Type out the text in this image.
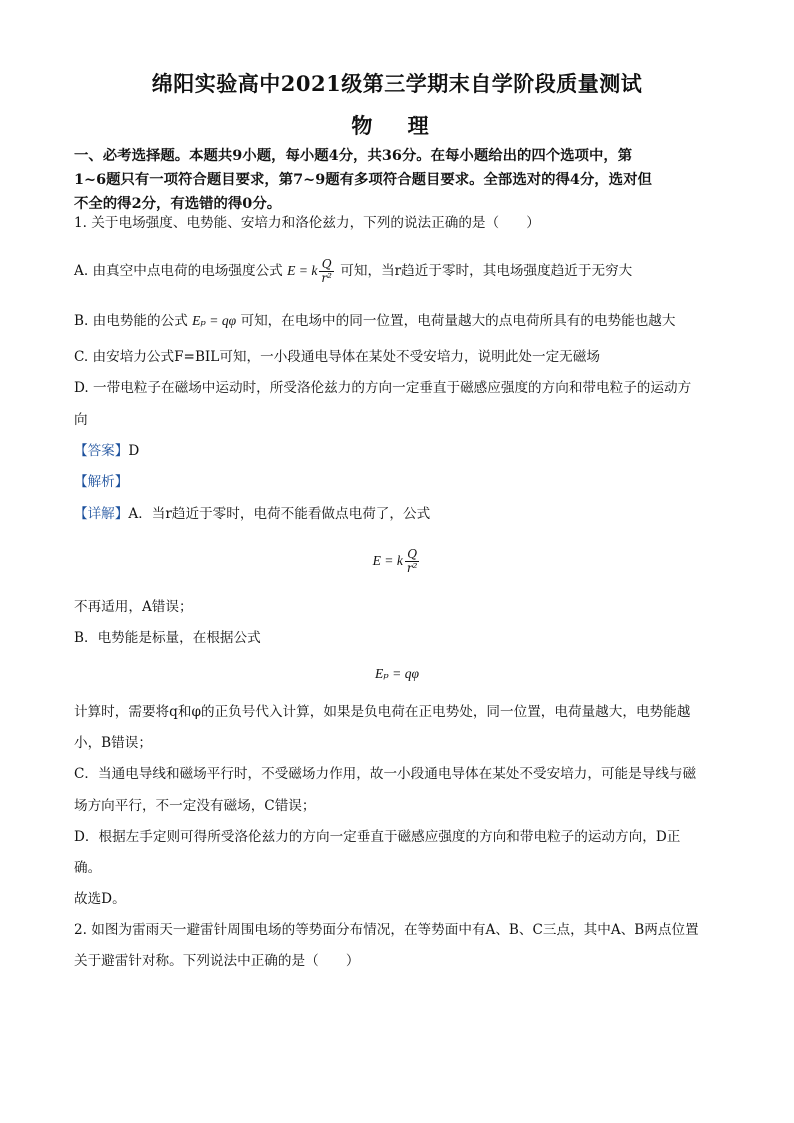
绵阳实验高中2021级第三学期末自学阶段质量测试
物 理
一、必考选择题。本题共9小题，每小题4分，共36分。在每小题给出的四个选项中，第
1~6题只有一项符合题目要求，第7~9题有多项符合题目要求。全部选对的得4分，选对但
不全的得2分，有选错的得0分。
1. 关于电场强度、电势能、安培力和洛伦兹力，下列的说法正确的是（　　）
A. 由真空中点电荷的电场强度公式 E = k $\frac{Q}{\text{r²}}$ 可知，当r趋近于零时，其电场强度趋近于无穷大
B. 由电势能的公式 Eₚ = qφ 可知，在电场中的同一位置，电荷量越大的点电荷所具有的电势能也越大
C. 由安培力公式F=BIL可知，一小段通电导体在某处不受安培力，说明此处一定无磁场
D. 一带电粒子在磁场中运动时，所受洛伦兹力的方向一定垂直于磁感应强度的方向和带电粒子的运动方
向
【答案】D
【解析】
【详解】A．当r趋近于零时，电荷不能看做点电荷了，公式
E = k $\frac{Q}{\text{r²}}$
不再适用，A错误；
B．电势能是标量，在根据公式
Eₚ = qφ
计算时，需要将q和φ的正负号代入计算，如果是负电荷在正电势处，同一位置，电荷量越大，电势能越
小，B错误；
C．当通电导线和磁场平行时，不受磁场力作用，故一小段通电导体在某处不受安培力，可能是导线与磁
场方向平行，不一定没有磁场，C错误；
D．根据左手定则可得所受洛伦兹力的方向一定垂直于磁感应强度的方向和带电粒子的运动方向，D正
确。
故选D。
2. 如图为雷雨天一避雷针周围电场的等势面分布情况，在等势面中有A、B、C三点，其中A、B两点位置
关于避雷针对称。下列说法中正确的是（　　）
